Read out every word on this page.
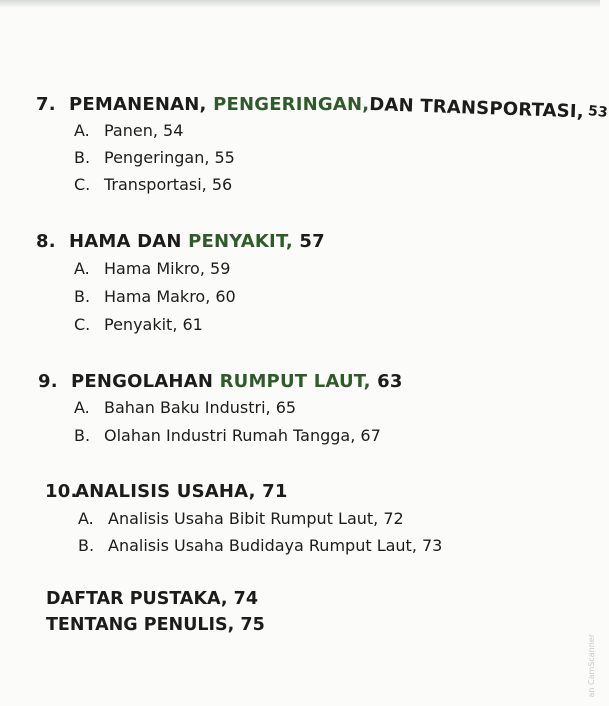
7. PEMANENAN, PENGERINGAN,DAN TRANSPORTASI, 53

A. Panen, 54

B. Pengeringan, 55

C. Transportasi, 56

8. HAMA DAN PENYAKIT, 57

A. Hama Mikro, 59

B. Hama Makro, 60

C. Penyakit, 61

9. PENGOLAHAN RUMPUT LAUT, 63

A. Bahan Baku Industri, 65

B. Olahan Industri Rumah Tangga, 67

10.ANALISIS USAHA, 71

A. Analisis Usaha Bibit Rumput Laut, 72

B. Analisis Usaha Budidaya Rumput Laut, 73

DAFTAR PUSTAKA, 74

TENTANG PENULIS, 75

an CamScanner
